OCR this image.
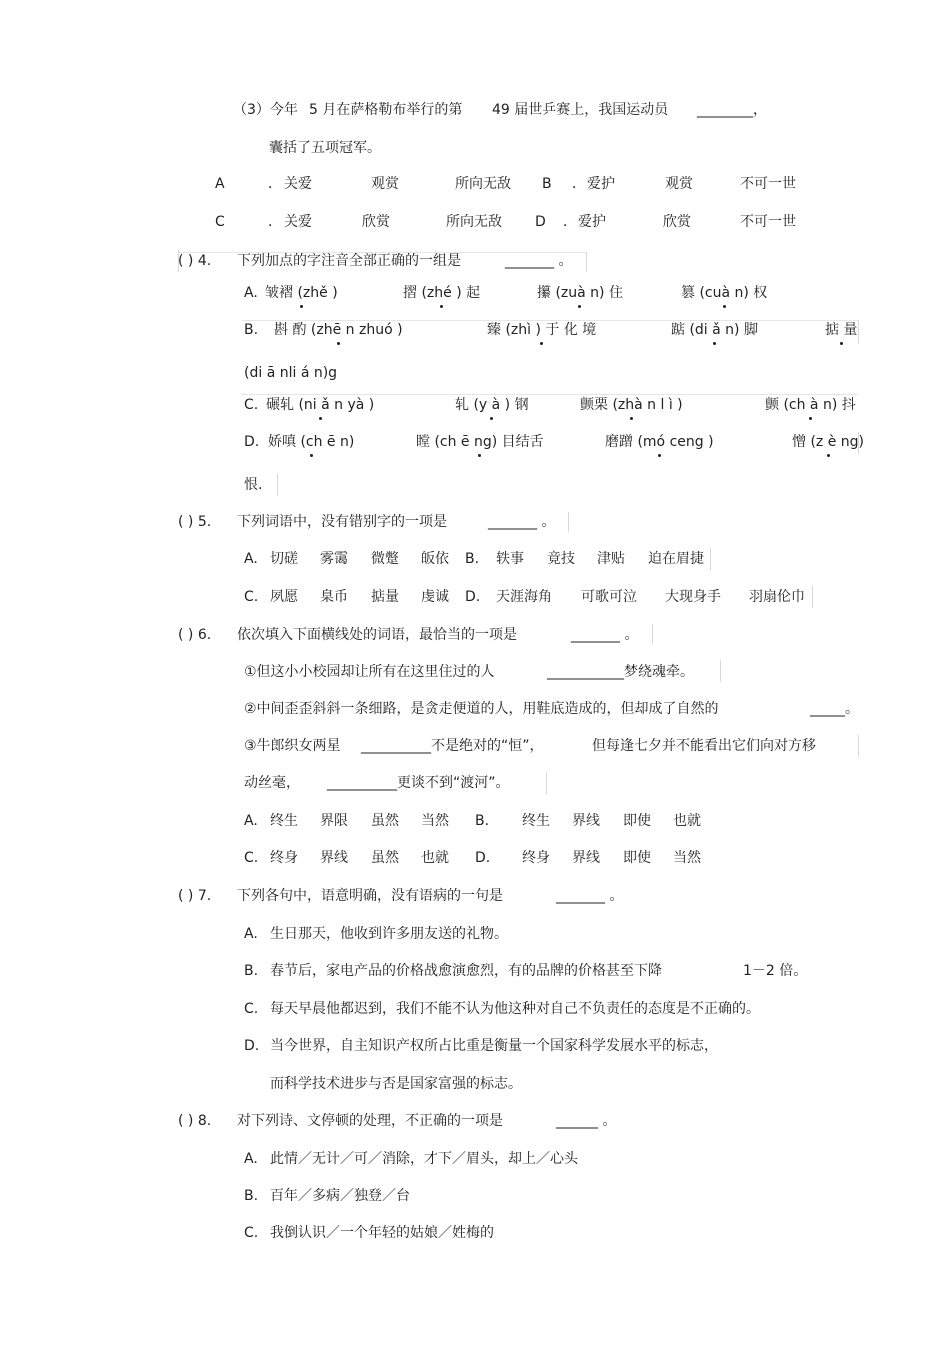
（3）今年 5 月在萨格勒布举行的第 49 届世乒赛上，我国运动员 ________，
囊括了五项冠军。
A	． 关爱	观赏	所向无敌 B ． 爱护	观赏	不可一世
C	． 关爱	欣赏	所向无敌 D ． 爱护	欣赏	不可一世
( ) 4. 下列加点的字注音全部正确的一组是	_______ 。
A. 皱褶 (zhě )	摺 (zhé ) 起	攥 (zuà n) 住	篡 (cuà n) 权
B. 斟 酌 (zhē n zhuó )	臻 (zhì ) 于 化 境	踮 (di ǎ n) 脚	掂 量
(di ā nli á n)g
C. 碾轧 (ni ǎ n yà )	轧 (y à ) 钢	颤栗 (zhà n l ì )	颤 (ch à n) 抖
D. 娇嗔 (ch ē n)	瞠 (ch ē ng) 目结舌	磨蹭 (mó ceng )	憎 (z è ng)
恨.
( ) 5. 下列词语中，没有错别字的一项是	_______ 。
A. 切磋 雾霭 微蹩 皈依 B. 轶事 竟技 津贴 迫在眉捷
C. 夙愿 臬币 掂量 虔诚 D. 天涯海角 可歌可泣 大现身手 羽扇伦巾
( ) 6. 依次填入下面横线处的词语，最恰当的一项是	_______ 。
①但这小小校园却让所有在这里住过的人	___________梦绕魂牵。
②中间歪歪斜斜一条细路，是贪走便道的人，用鞋底造成的，但却成了自然的	_____。
③牛郎织女两星 __________不是绝对的“恒”，	但每逢七夕并不能看出它们向对方移
动丝毫， __________更谈不到“渡河”。
A. 终生 界限 虽然 当然 B. 终生 界线 即使 也就
C. 终身 界线 虽然 也就 D. 终身 界线 即使 当然
( ) 7. 下列各句中，语意明确，没有语病的一句是	_______ 。
A. 生日那天，他收到许多朋友送的礼物。
B. 春节后，家电产品的价格战愈演愈烈，有的品牌的价格甚至下降	1－2 倍。
C. 每天早晨他都迟到，我们不能不认为他这种对自己不负责任的态度是不正确的。
D. 当今世界，自主知识产权所占比重是衡量一个国家科学发展水平的标志，
而科学技术进步与否是国家富强的标志。
( ) 8. 对下列诗、文停顿的处理，不正确的一项是	______ 。
A. 此情／无计／可／消除，才下／眉头，却上／心头
B. 百年／多病／独登／台
C. 我倒认识／一个年轻的姑娘／姓梅的
